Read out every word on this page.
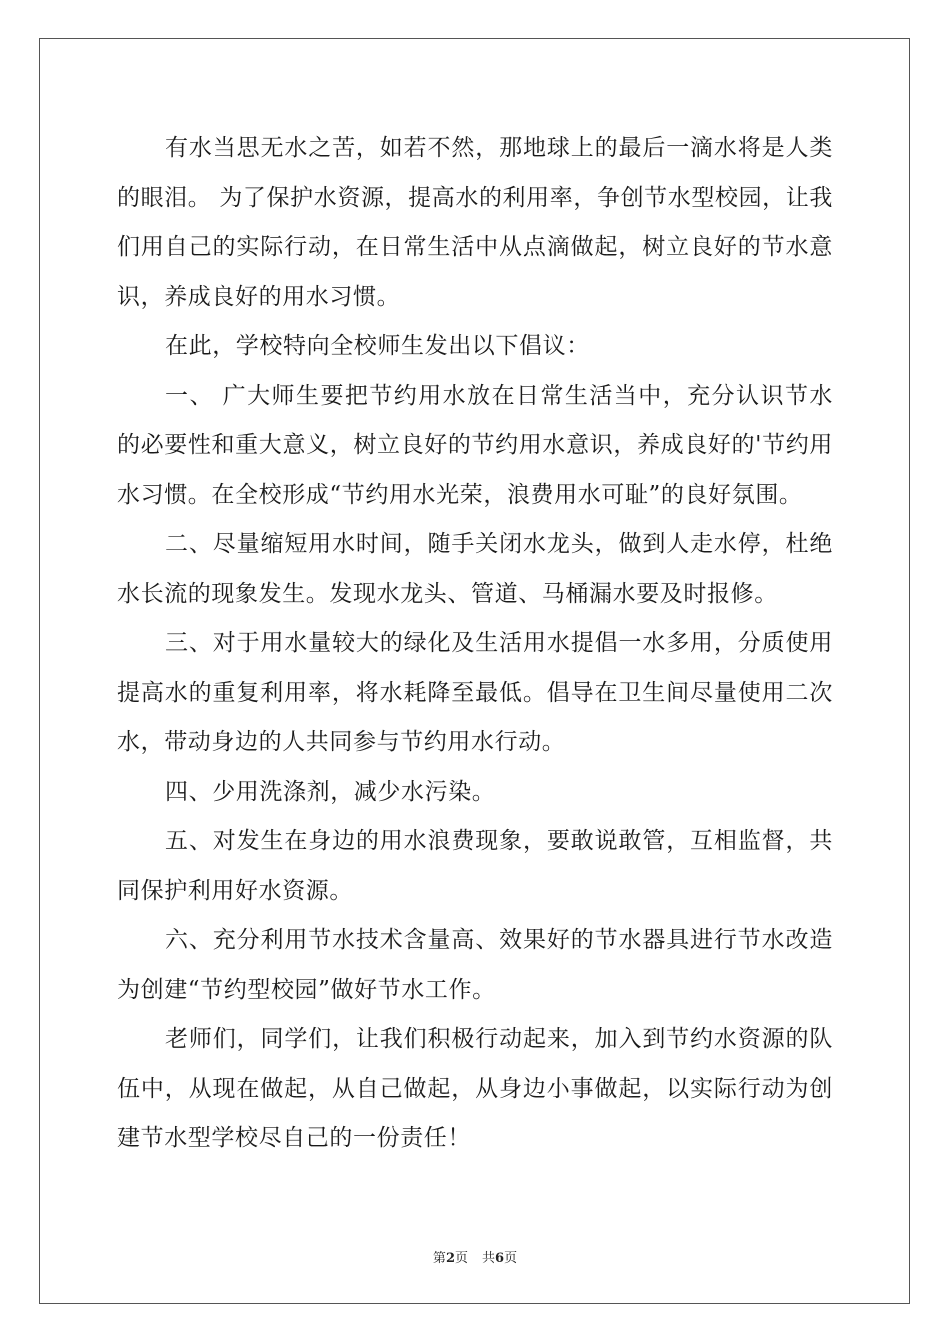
有水当思无水之苦，如若不然，那地球上的最后一滴水将是人类的眼泪。 为了保护水资源，提高水的利用率，争创节水型校园，让我们用自己的实际行动，在日常生活中从点滴做起，树立良好的节水意识，养成良好的用水习惯。

在此，学校特向全校师生发出以下倡议：

一、 广大师生要把节约用水放在日常生活当中，充分认识节水的必要性和重大意义，树立良好的节约用水意识，养成良好的'节约用水习惯。在全校形成“节约用水光荣，浪费用水可耻”的良好氛围。

二、尽量缩短用水时间，随手关闭水龙头，做到人走水停，杜绝水长流的现象发生。发现水龙头、管道、马桶漏水要及时报修。

三、对于用水量较大的绿化及生活用水提倡一水多用，分质使用提高水的重复利用率，将水耗降至最低。倡导在卫生间尽量使用二次水，带动身边的人共同参与节约用水行动。

四、少用洗涤剂，减少水污染。

五、对发生在身边的用水浪费现象，要敢说敢管，互相监督，共同保护利用好水资源。

六、充分利用节水技术含量高、效果好的节水器具进行节水改造为创建“节约型校园”做好节水工作。

老师们，同学们，让我们积极行动起来，加入到节约水资源的队伍中，从现在做起，从自己做起，从身边小事做起，以实际行动为创建节水型学校尽自己的一份责任！

第2页 共6页
